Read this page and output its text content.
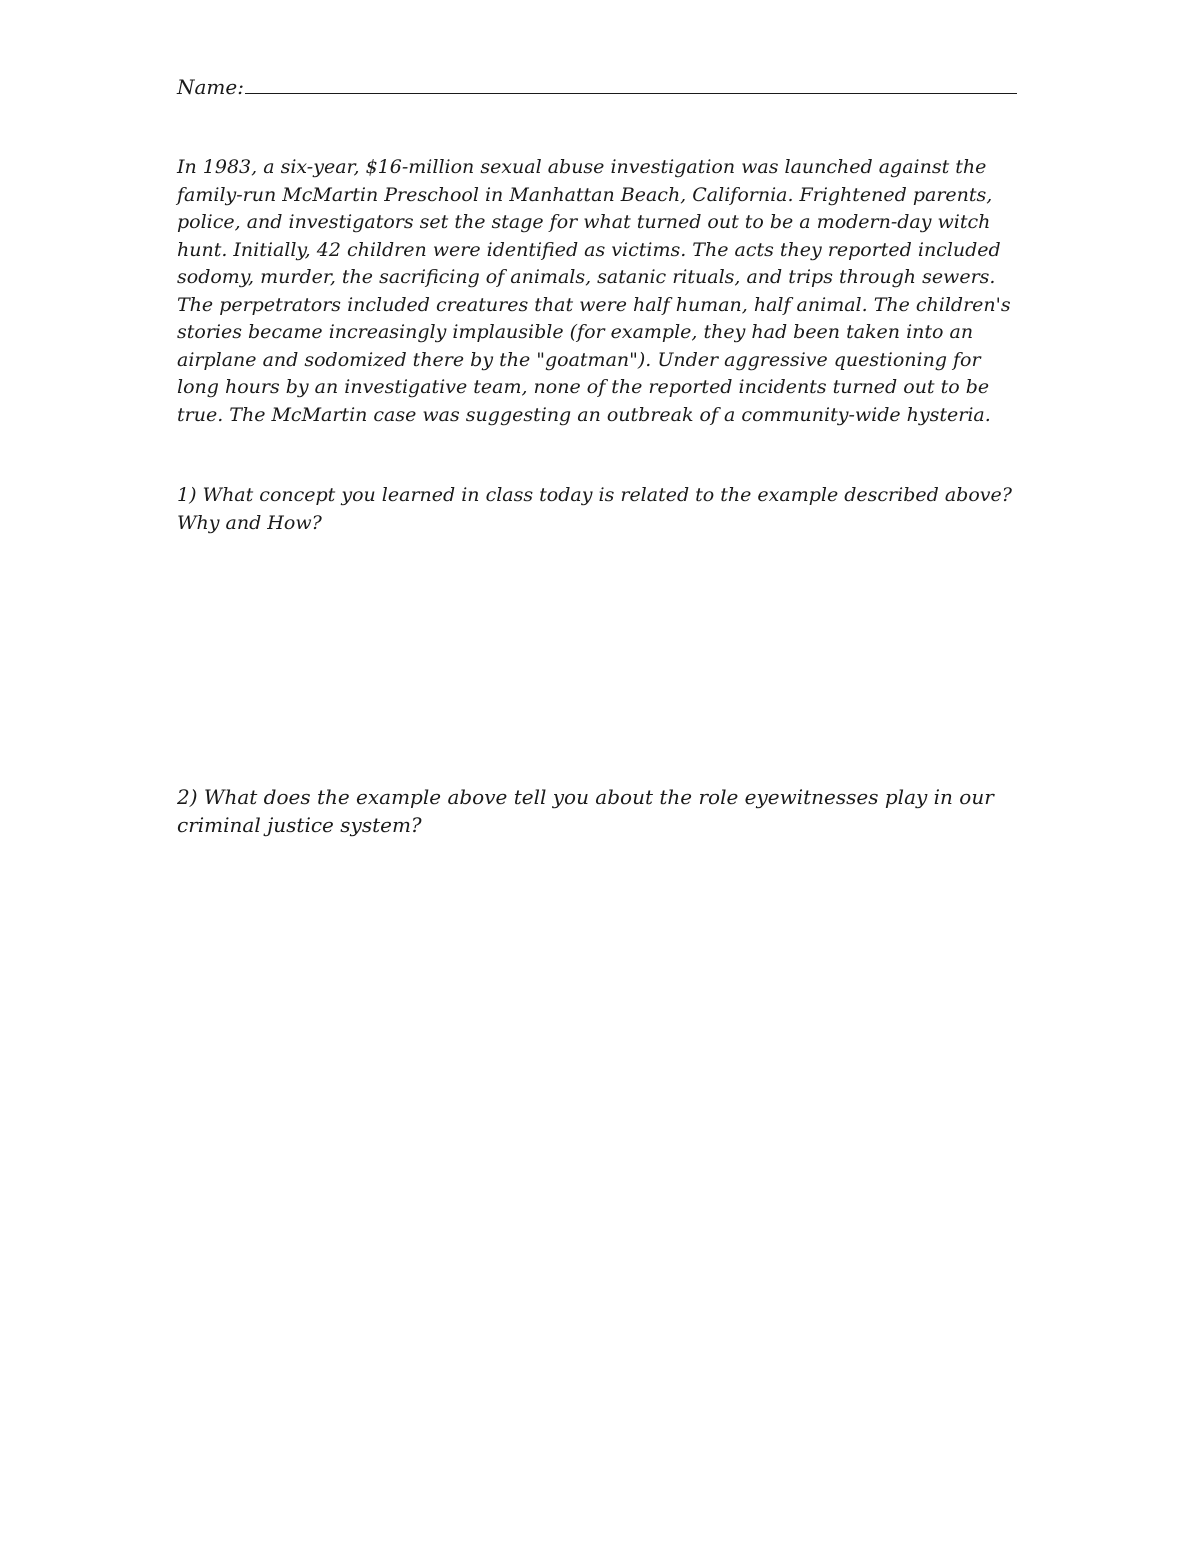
Name:

In 1983, a six-year, $16-million sexual abuse investigation was launched against the
family-run McMartin Preschool in Manhattan Beach, California. Frightened parents,
police, and investigators set the stage for what turned out to be a modern-day witch
hunt. Initially, 42 children were identified as victims. The acts they reported included
sodomy, murder, the sacrificing of animals, satanic rituals, and trips through sewers.
The perpetrators included creatures that were half human, half animal. The children's
stories became increasingly implausible (for example, they had been taken into an
airplane and sodomized there by the "goatman"). Under aggressive questioning for
long hours by an investigative team, none of the reported incidents turned out to be
true. The McMartin case was suggesting an outbreak of a community-wide hysteria.

1) What concept you learned in class today is related to the example described above?
Why and How?

2) What does the example above tell you about the role eyewitnesses play in our
criminal justice system?
